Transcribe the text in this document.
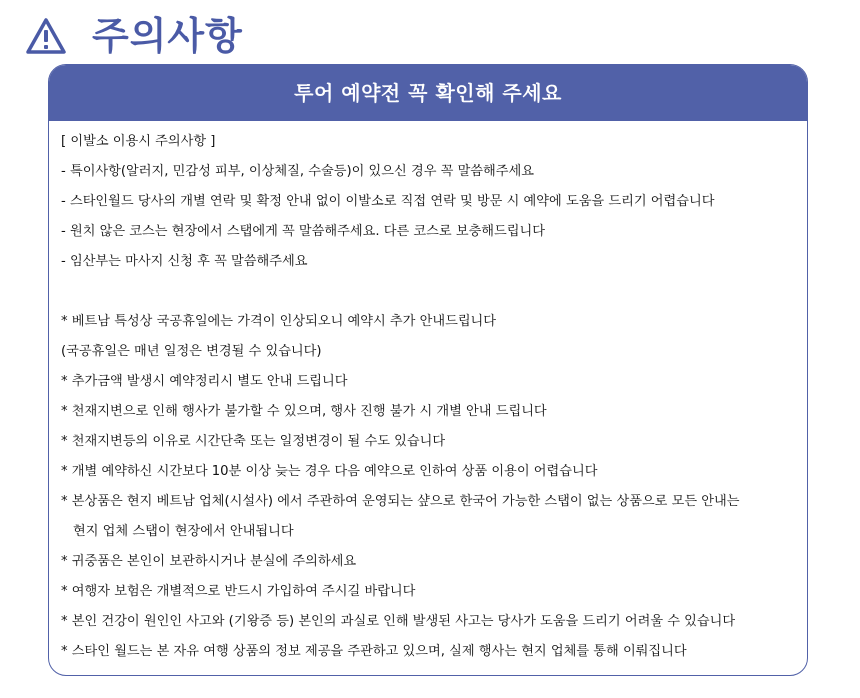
주의사항
투어 예약전 꼭 확인해 주세요
[ 이발소 이용시 주의사항 ]
- 특이사항(알러지, 민감성 피부, 이상체질, 수술등)이 있으신 경우 꼭 말씀해주세요
- 스타인월드 당사의 개별 연락 및 확정 안내 없이 이발소로 직접 연락 및 방문 시 예약에 도움을 드리기 어렵습니다
- 원치 않은 코스는 현장에서 스탭에게 꼭 말씀해주세요. 다른 코스로 보충해드립니다
- 임산부는 마사지 신청 후 꼭 말씀해주세요
* 베트남 특성상 국공휴일에는 가격이 인상되오니 예약시 추가 안내드립니다
(국공휴일은 매년 일정은 변경될 수 있습니다)
* 추가금액 발생시 예약정리시 별도 안내 드립니다
* 천재지변으로 인해 행사가 불가할 수 있으며, 행사 진행 불가 시 개별 안내 드립니다
* 천재지변등의 이유로 시간단축 또는 일정변경이 될 수도 있습니다
* 개별 예약하신 시간보다 10분 이상 늦는 경우 다음 예약으로 인하여 상품 이용이 어렵습니다
* 본상품은 현지 베트남 업체(시설사) 에서 주관하여 운영되는 샾으로 한국어 가능한 스탭이 없는 상품으로 모든 안내는
현지 업체 스탭이 현장에서 안내됩니다
* 귀중품은 본인이 보관하시거나 분실에 주의하세요
* 여행자 보험은 개별적으로 반드시 가입하여 주시길 바랍니다
* 본인 건강이 원인인 사고와 (기왕증 등) 본인의 과실로 인해 발생된 사고는 당사가 도움을 드리기 어려울 수 있습니다
* 스타인 월드는 본 자유 여행 상품의 정보 제공을 주관하고 있으며, 실제 행사는 현지 업체를 통해 이뤄집니다
